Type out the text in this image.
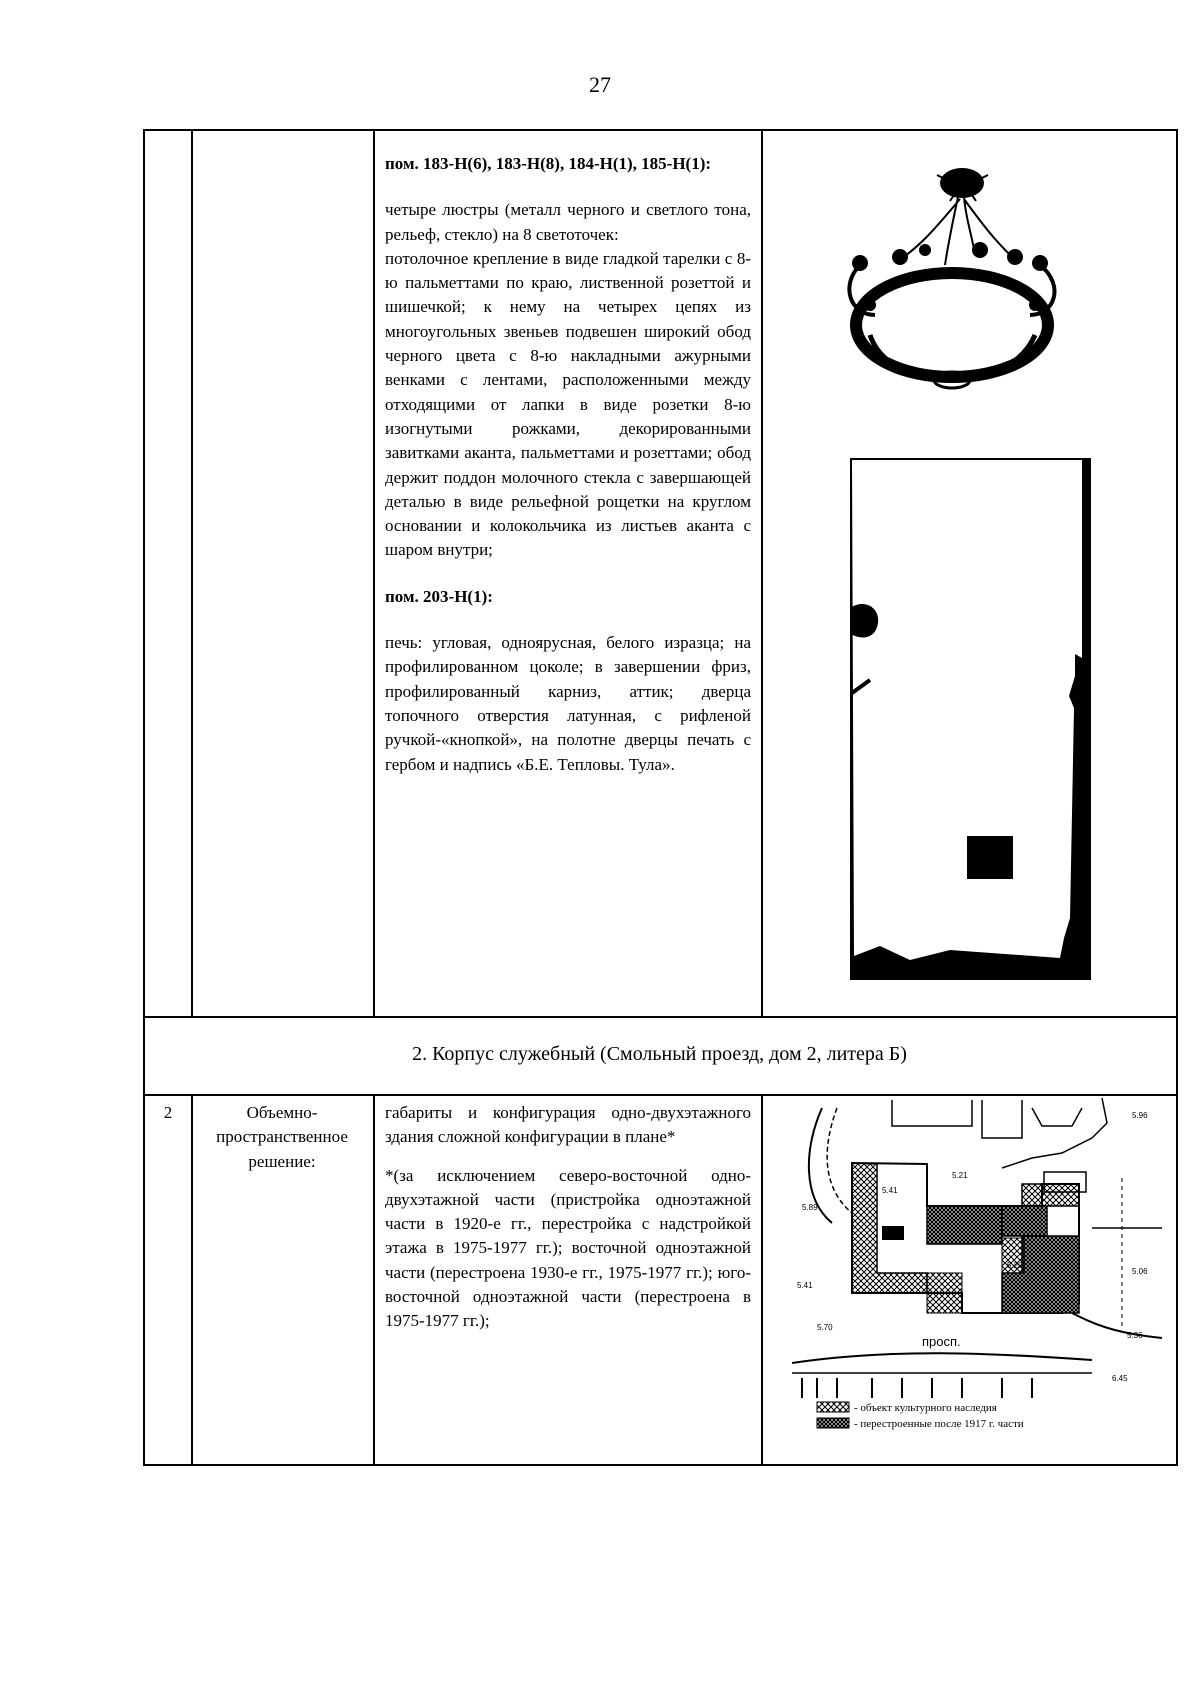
27
пом. 183-Н(6), 183-Н(8), 184-Н(1), 185-Н(1):
четыре люстры (металл черного и светлого тона, рельеф, стекло) на 8 светоточек:
потолочное крепление в виде гладкой тарелки с 8-ю пальметтами по краю, лиственной розеттой и шишечкой; к нему на четырех цепях из многоугольных звеньев подвешен широкий обод черного цвета с 8-ю накладными ажурными венками с лентами, расположенными между отходящими от лапки в виде розетки 8-ю изогнутыми рожками, декорированными завитками аканта, пальметтами и розеттами; обод держит поддон молочного стекла с завершающей деталью в виде рельефной рощетки на круглом основании и колокольчика из листьев аканта с шаром внутри;
пом. 203-Н(1):
печь: угловая, одноярусная, белого изразца; на профилированном цоколе; в завершении фриз, профилированный карниз, аттик; дверца топочного отверстия латунная, с рифленой ручкой-«кнопкой», на полотне дверцы печать с гербом и надпись «Б.Е. Тепловы. Тула».
2. Корпус служебный (Смольный проезд, дом 2, литера Б)
2	Объемно-пространственное решение:
габариты и конфигурация одно-двухэтажного здания сложной конфигурации в плане*
*(за исключением северо-восточной одно-двухэтажной части (пристройка одноэтажной части в 1920-е гг., перестройка с надстройкой этажа в 1975-1977 гг.); восточной одноэтажной части (перестроена 1930-е гг., 1975-1977 гг.); юго-восточной одноэтажной части (перестроена в 1975-1977 гг.);
просп.
5.41
5.21
5.89
5.70
5.20
5.06
5.36
6.45
5.41
5.96
- объект культурного наследия
- перестроенные после 1917 г. части
